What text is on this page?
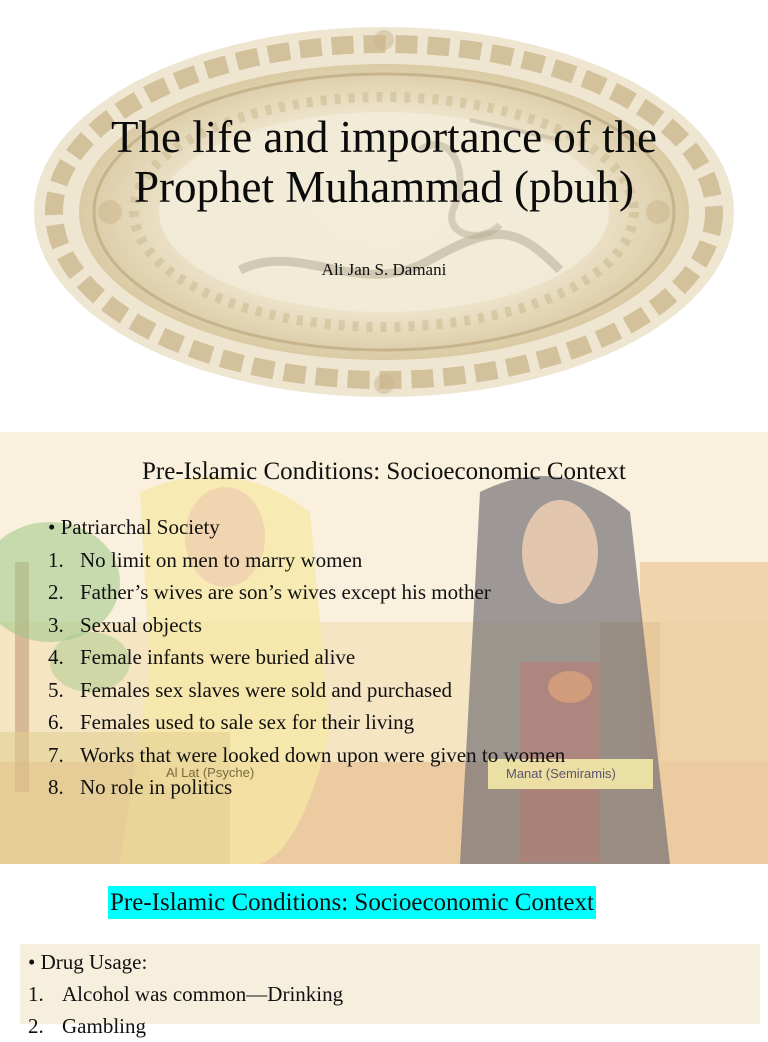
The life and importance of the
Prophet Muhammad (pbuh)
Ali Jan S. Damani
Al Lat (Psyche)	Manat (Semiramis)
Pre-Islamic Conditions: Socioeconomic Context
• Patriarchal Society
1. No limit on men to marry women
2. Father’s wives are son’s wives except his mother
3. Sexual objects
4. Female infants were buried alive
5. Females sex slaves were sold and purchased
6. Females used to sale sex for their living
7. Works that were looked down upon were given to women
8. No role in politics
Pre-Islamic Conditions: Socioeconomic Context
• Drug Usage:
1. Alcohol was common—Drinking
2. Gambling
